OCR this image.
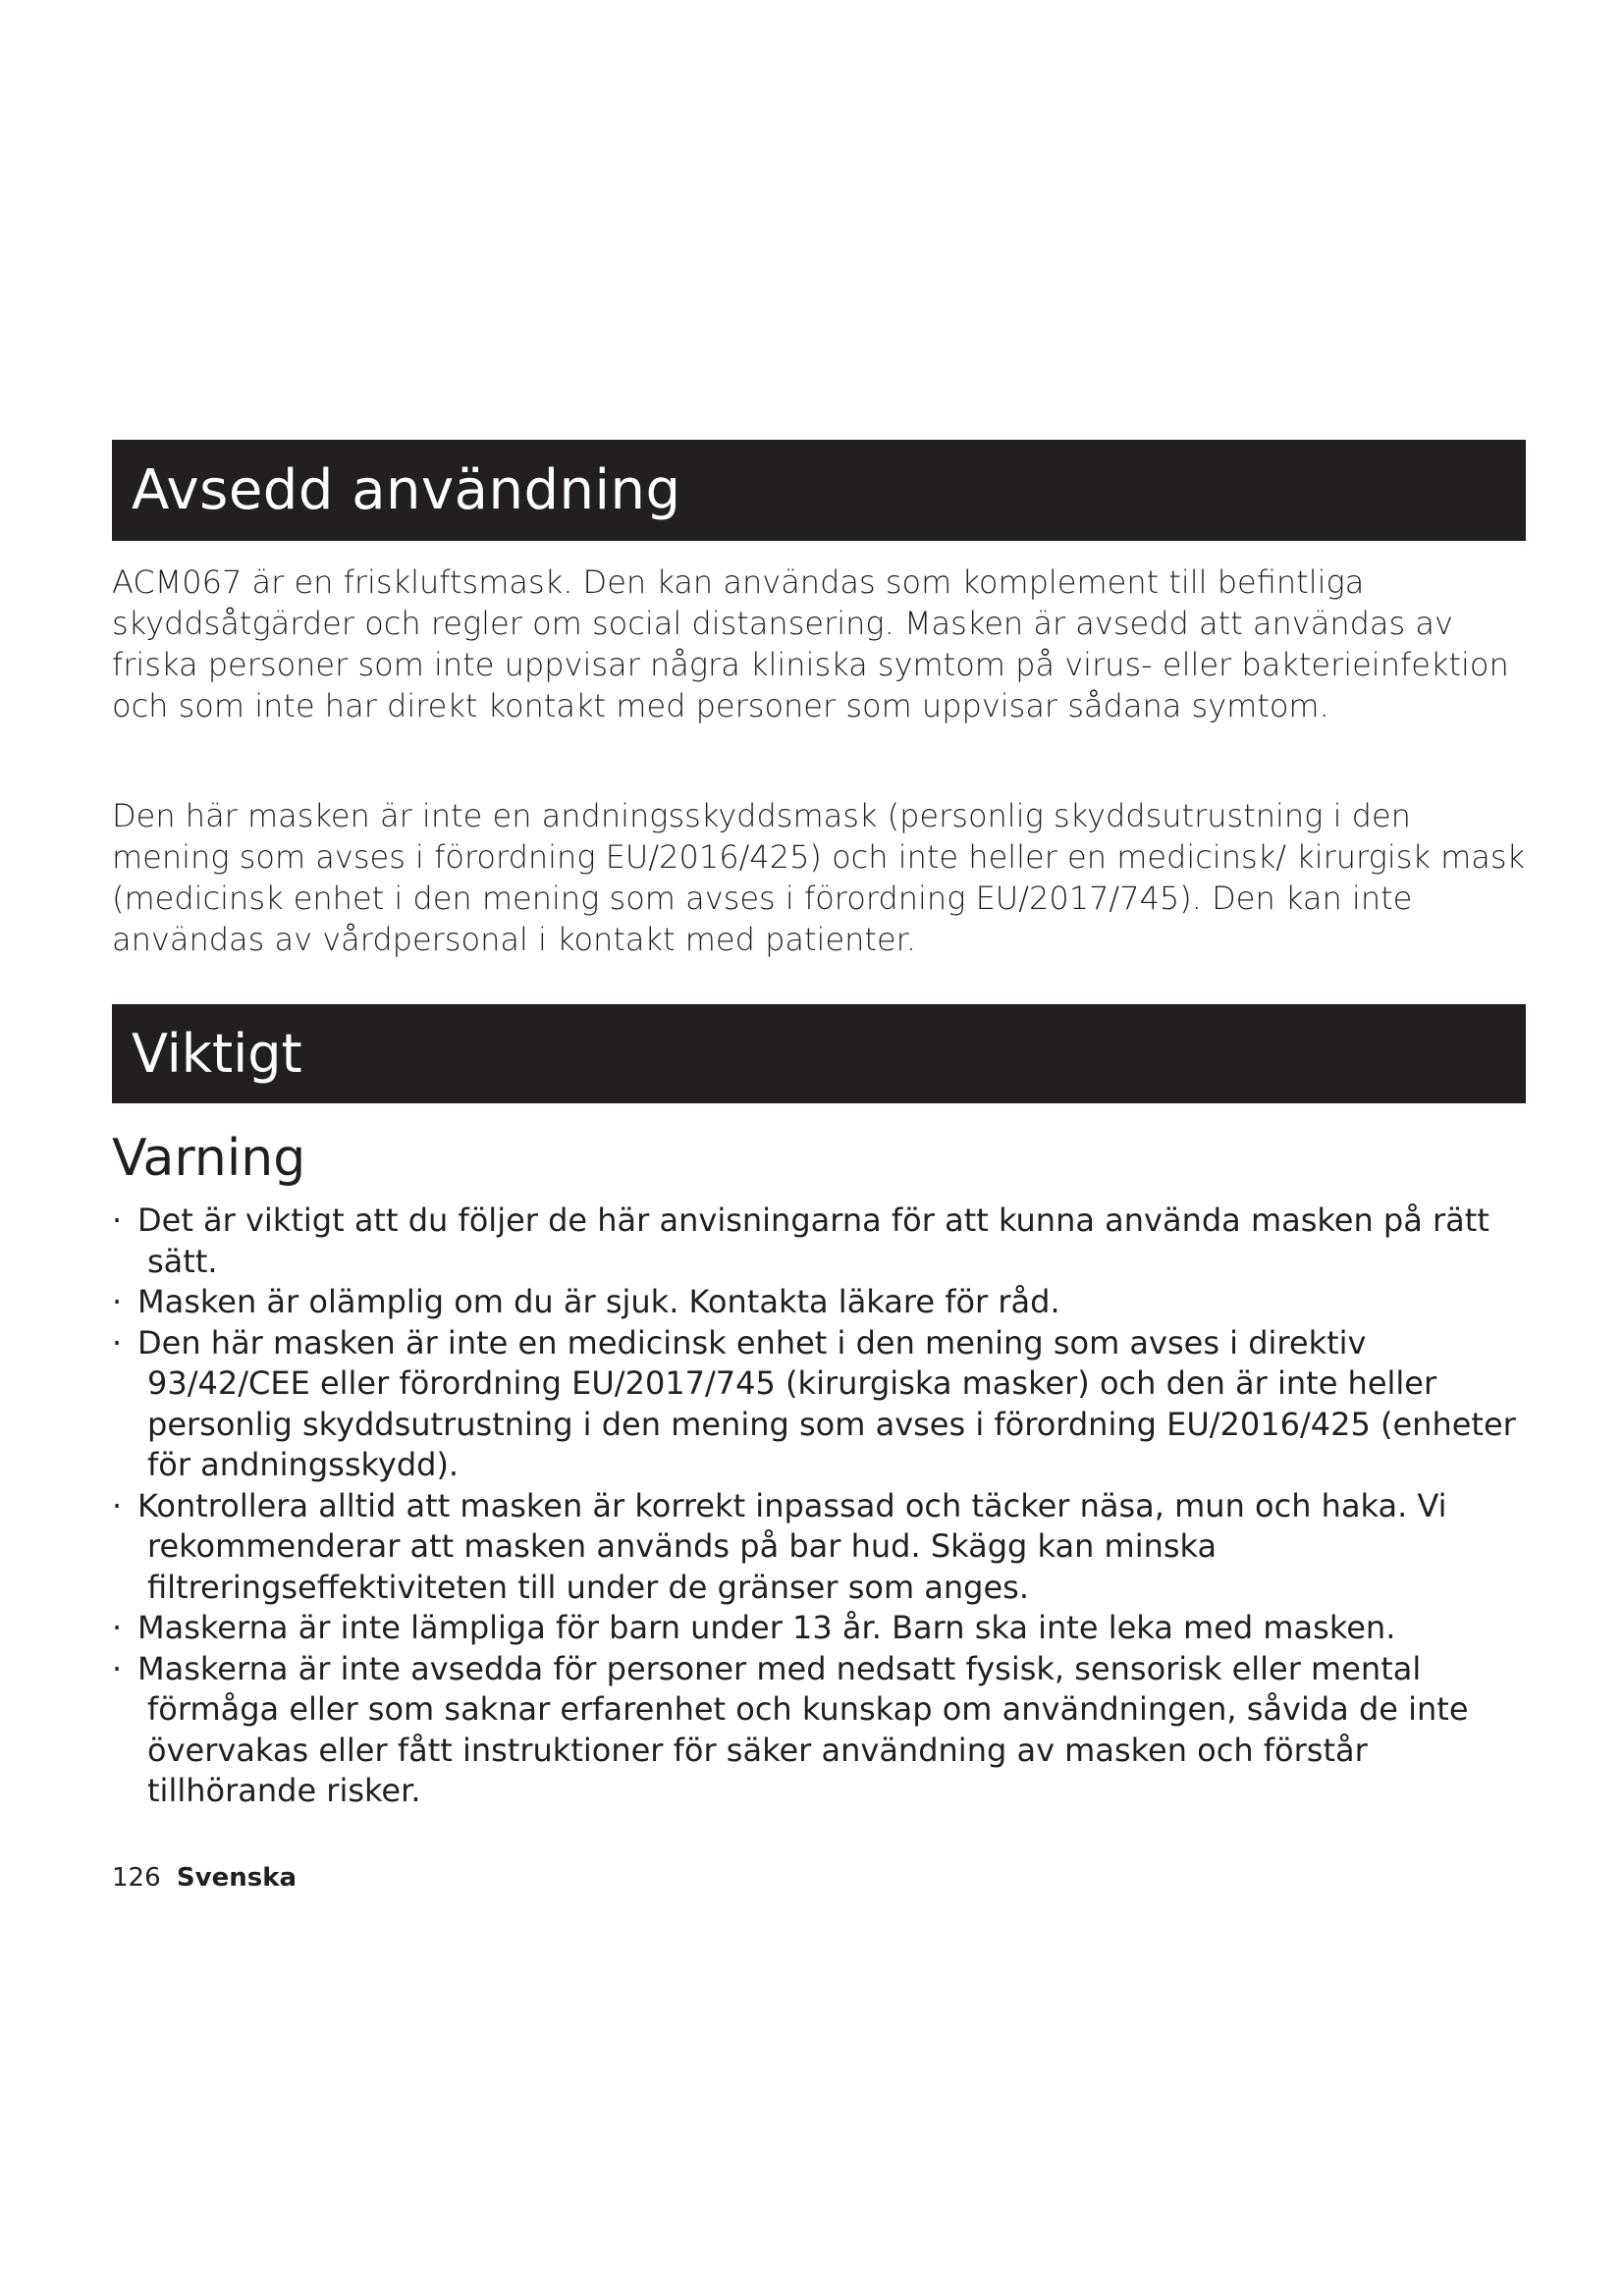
Avsedd användning

ACM067 är en friskluftsmask. Den kan användas som komplement till befintliga skyddsåtgärder och regler om social distansering. Masken är avsedd att användas av friska personer som inte uppvisar några kliniska symtom på virus- eller bakterieinfektion och som inte har direkt kontakt med personer som uppvisar sådana symtom.

Den här masken är inte en andningsskyddsmask (personlig skyddsutrustning i den mening som avses i förordning EU/2016/425) och inte heller en medicinsk/ kirurgisk mask (medicinsk enhet i den mening som avses i förordning EU/2017/745). Den kan inte användas av vårdpersonal i kontakt med patienter.

Viktigt
Varning
· Det är viktigt att du följer de här anvisningarna för att kunna använda masken på rätt sätt.
· Masken är olämplig om du är sjuk. Kontakta läkare för råd.
· Den här masken är inte en medicinsk enhet i den mening som avses i direktiv 93/42/CEE eller förordning EU/2017/745 (kirurgiska masker) och den är inte heller personlig skyddsutrustning i den mening som avses i förordning EU/2016/425 (enheter för andningsskydd).
· Kontrollera alltid att masken är korrekt inpassad och täcker näsa, mun och haka. Vi rekommenderar att masken används på bar hud. Skägg kan minska filtreringseffektiviteten till under de gränser som anges.
· Maskerna är inte lämpliga för barn under 13 år. Barn ska inte leka med masken.
· Maskerna är inte avsedda för personer med nedsatt fysisk, sensorisk eller mental förmåga eller som saknar erfarenhet och kunskap om användningen, såvida de inte övervakas eller fått instruktioner för säker användning av masken och förstår tillhörande risker.
126 Svenska
